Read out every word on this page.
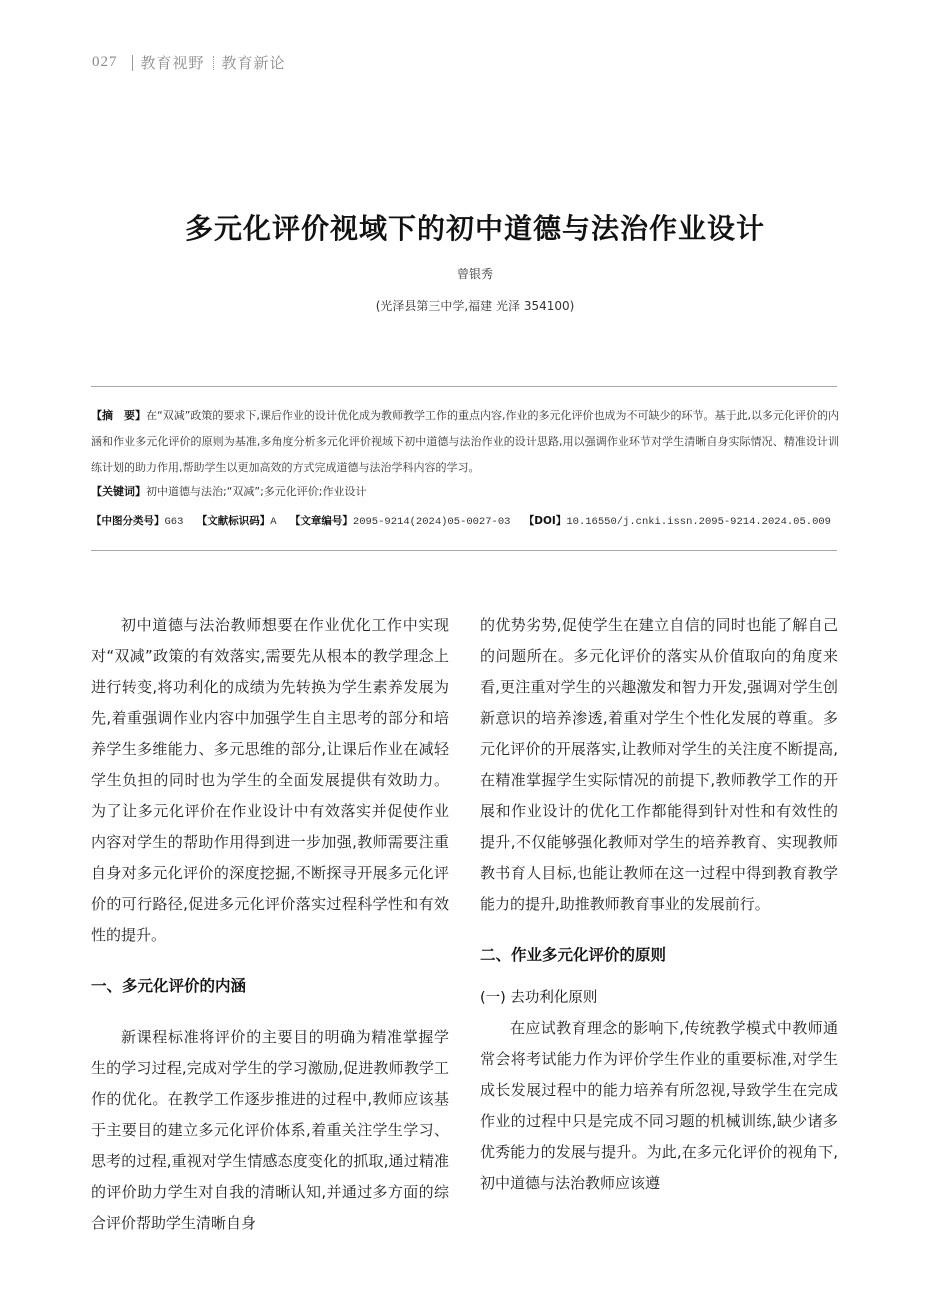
027 教育视野 教育新论
多元化评价视域下的初中道德与法治作业设计
曾银秀
(光泽县第三中学,福建 光泽 354100)
【摘　要】在“双减”政策的要求下,课后作业的设计优化成为教师教学工作的重点内容,作业的多元化评价也成为不可缺少的环节。基于此,以多元化评价的内涵和作业多元化评价的原则为基准,多角度分析多元化评价视域下初中道德与法治作业的设计思路,用以强调作业环节对学生清晰自身实际情况、精准设计训练计划的助力作用,帮助学生以更加高效的方式完成道德与法治学科内容的学习。
【关键词】初中道德与法治;“双减”;多元化评价;作业设计
【中图分类号】G63 【文献标识码】A 【文章编号】2095-9214(2024)05-0027-03 【DOI】10.16550/j.cnki.issn.2095-9214.2024.05.009

初中道德与法治教师想要在作业优化工作中实现对“双减”政策的有效落实,需要先从根本的教学理念上进行转变,将功利化的成绩为先转换为学生素养发展为先,着重强调作业内容中加强学生自主思考的部分和培养学生多维能力、多元思维的部分,让课后作业在减轻学生负担的同时也为学生的全面发展提供有效助力。为了让多元化评价在作业设计中有效落实并促使作业内容对学生的帮助作用得到进一步加强,教师需要注重自身对多元化评价的深度挖掘,不断探寻开展多元化评价的可行路径,促进多元化评价落实过程科学性和有效性的提升。

一、多元化评价的内涵

新课程标准将评价的主要目的明确为精准掌握学生的学习过程,完成对学生的学习激励,促进教师教学工作的优化。在教学工作逐步推进的过程中,教师应该基于主要目的建立多元化评价体系,着重关注学生学习、思考的过程,重视对学生情感态度变化的抓取,通过精准的评价助力学生对自我的清晰认知,并通过多方面的综合评价帮助学生清晰自身

的优势劣势,促使学生在建立自信的同时也能了解自己的问题所在。多元化评价的落实从价值取向的角度来看,更注重对学生的兴趣激发和智力开发,强调对学生创新意识的培养渗透,着重对学生个性化发展的尊重。多元化评价的开展落实,让教师对学生的关注度不断提高,在精准掌握学生实际情况的前提下,教师教学工作的开展和作业设计的优化工作都能得到针对性和有效性的提升,不仅能够强化教师对学生的培养教育、实现教师教书育人目标,也能让教师在这一过程中得到教育教学能力的提升,助推教师教育事业的发展前行。

二、作业多元化评价的原则
(一) 去功利化原则

在应试教育理念的影响下,传统教学模式中教师通常会将考试能力作为评价学生作业的重要标准,对学生成长发展过程中的能力培养有所忽视,导致学生在完成作业的过程中只是完成不同习题的机械训练,缺少诸多优秀能力的发展与提升。为此,在多元化评价的视角下,初中道德与法治教师应该遵
